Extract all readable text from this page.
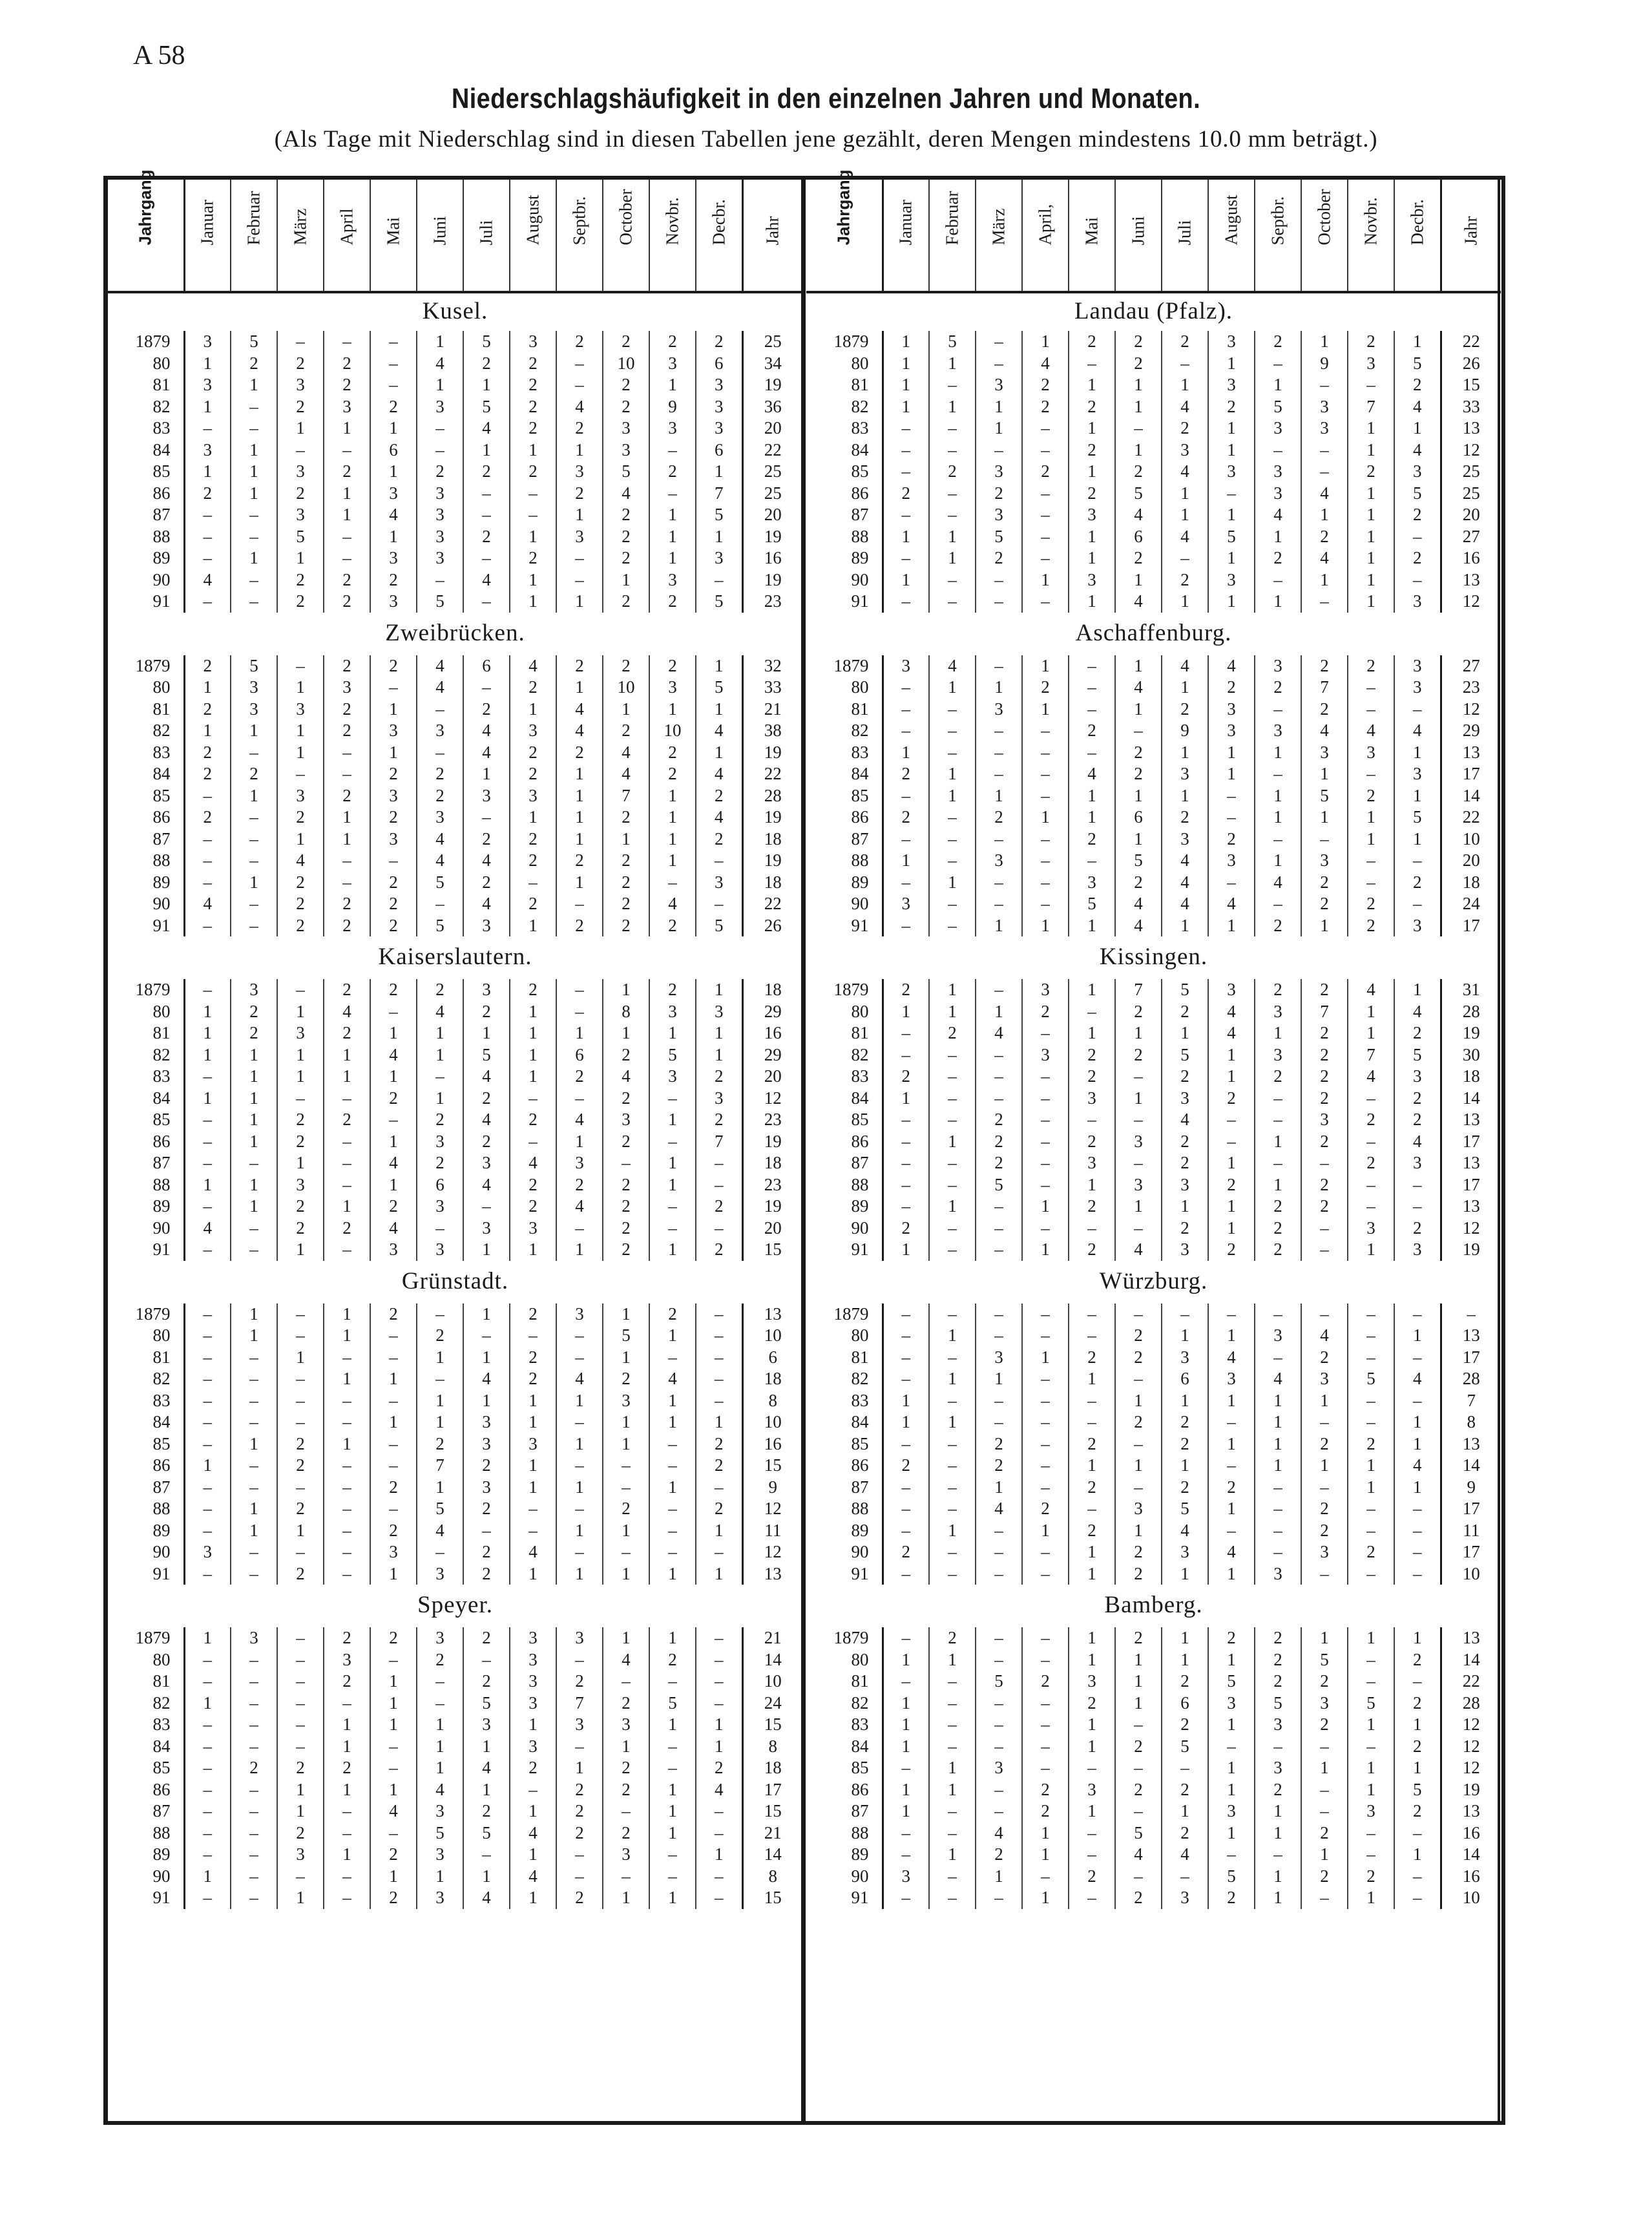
A 58
Niederschlagshäufigkeit in den einzelnen Jahren und Monaten.
(Als Tage mit Niederschlag sind in diesen Tabellen jene gezählt, deren Mengen mindestens 10.0 mm beträgt.)
Jahrgang	Januar	Februar	März	April	Mai	Juni	Juli	August	Septbr.	October	Novbr.	Decbr.	Jahr

Kusel.													
1879	3	5	–	–	–	1	5	3	2	2	2	2	25
80	1	2	2	2	–	4	2	2	–	10	3	6	34
81	3	1	3	2	–	1	1	2	–	2	1	3	19
82	1	–	2	3	2	3	5	2	4	2	9	3	36
83	–	–	1	1	1	–	4	2	2	3	3	3	20
84	3	1	–	–	6	–	1	1	1	3	–	6	22
85	1	1	3	2	1	2	2	2	3	5	2	1	25
86	2	1	2	1	3	3	–	–	2	4	–	7	25
87	–	–	3	1	4	3	–	–	1	2	1	5	20
88	–	–	5	–	1	3	2	1	3	2	1	1	19
89	–	1	1	–	3	3	–	2	–	2	1	3	16
90	4	–	2	2	2	–	4	1	–	1	3	–	19
91	–	–	2	2	3	5	–	1	1	2	2	5	23
Zweibrücken.													
1879	2	5	–	2	2	4	6	4	2	2	2	1	32
80	1	3	1	3	–	4	–	2	1	10	3	5	33
81	2	3	3	2	1	–	2	1	4	1	1	1	21
82	1	1	1	2	3	3	4	3	4	2	10	4	38
83	2	–	1	–	1	–	4	2	2	4	2	1	19
84	2	2	–	–	2	2	1	2	1	4	2	4	22
85	–	1	3	2	3	2	3	3	1	7	1	2	28
86	2	–	2	1	2	3	–	1	1	2	1	4	19
87	–	–	1	1	3	4	2	2	1	1	1	2	18
88	–	–	4	–	–	4	4	2	2	2	1	–	19
89	–	1	2	–	2	5	2	–	1	2	–	3	18
90	4	–	2	2	2	–	4	2	–	2	4	–	22
91	–	–	2	2	2	5	3	1	2	2	2	5	26
Kaiserslautern.													
1879	–	3	–	2	2	2	3	2	–	1	2	1	18
80	1	2	1	4	–	4	2	1	–	8	3	3	29
81	1	2	3	2	1	1	1	1	1	1	1	1	16
82	1	1	1	1	4	1	5	1	6	2	5	1	29
83	–	1	1	1	1	–	4	1	2	4	3	2	20
84	1	1	–	–	2	1	2	–	–	2	–	3	12
85	–	1	2	2	–	2	4	2	4	3	1	2	23
86	–	1	2	–	1	3	2	–	1	2	–	7	19
87	–	–	1	–	4	2	3	4	3	–	1	–	18
88	1	1	3	–	1	6	4	2	2	2	1	–	23
89	–	1	2	1	2	3	–	2	4	2	–	2	19
90	4	–	2	2	4	–	3	3	–	2	–	–	20
91	–	–	1	–	3	3	1	1	1	2	1	2	15
Grünstadt.													
1879	–	1	–	1	2	–	1	2	3	1	2	–	13
80	–	1	–	1	–	2	–	–	–	5	1	–	10
81	–	–	1	–	–	1	1	2	–	1	–	–	6
82	–	–	–	1	1	–	4	2	4	2	4	–	18
83	–	–	–	–	–	1	1	1	1	3	1	–	8
84	–	–	–	–	1	1	3	1	–	1	1	1	10
85	–	1	2	1	–	2	3	3	1	1	–	2	16
86	1	–	2	–	–	7	2	1	–	–	–	2	15
87	–	–	–	–	2	1	3	1	1	–	1	–	9
88	–	1	2	–	–	5	2	–	–	2	–	2	12
89	–	1	1	–	2	4	–	–	1	1	–	1	11
90	3	–	–	–	3	–	2	4	–	–	–	–	12
91	–	–	2	–	1	3	2	1	1	1	1	1	13
Speyer.													
1879	1	3	–	2	2	3	2	3	3	1	1	–	21
80	–	–	–	3	–	2	–	3	–	4	2	–	14
81	–	–	–	2	1	–	2	3	2	–	–	–	10
82	1	–	–	–	1	–	5	3	7	2	5	–	24
83	–	–	–	1	1	1	3	1	3	3	1	1	15
84	–	–	–	1	–	1	1	3	–	1	–	1	8
85	–	2	2	2	–	1	4	2	1	2	–	2	18
86	–	–	1	1	1	4	1	–	2	2	1	4	17
87	–	–	1	–	4	3	2	1	2	–	1	–	15
88	–	–	2	–	–	5	5	4	2	2	1	–	21
89	–	–	3	1	2	3	–	1	–	3	–	1	14
90	1	–	–	–	1	1	1	4	–	–	–	–	8
91	–	–	1	–	2	3	4	1	2	1	1	–	15
Jahrgang	Januar	Februar	März	April,	Mai	Juni	Juli	August	Septbr.	October	Novbr.	Decbr.	Jahr

Landau (Pfalz).													
1879	1	5	–	1	2	2	2	3	2	1	2	1	22
80	1	1	–	4	–	2	–	1	–	9	3	5	26
81	1	–	3	2	1	1	1	3	1	–	–	2	15
82	1	1	1	2	2	1	4	2	5	3	7	4	33
83	–	–	1	–	1	–	2	1	3	3	1	1	13
84	–	–	–	–	2	1	3	1	–	–	1	4	12
85	–	2	3	2	1	2	4	3	3	–	2	3	25
86	2	–	2	–	2	5	1	–	3	4	1	5	25
87	–	–	3	–	3	4	1	1	4	1	1	2	20
88	1	1	5	–	1	6	4	5	1	2	1	–	27
89	–	1	2	–	1	2	–	1	2	4	1	2	16
90	1	–	–	1	3	1	2	3	–	1	1	–	13
91	–	–	–	–	1	4	1	1	1	–	1	3	12
Aschaffenburg.													
1879	3	4	–	1	–	1	4	4	3	2	2	3	27
80	–	1	1	2	–	4	1	2	2	7	–	3	23
81	–	–	3	1	–	1	2	3	–	2	–	–	12
82	–	–	–	–	2	–	9	3	3	4	4	4	29
83	1	–	–	–	–	2	1	1	1	3	3	1	13
84	2	1	–	–	4	2	3	1	–	1	–	3	17
85	–	1	1	–	1	1	1	–	1	5	2	1	14
86	2	–	2	1	1	6	2	–	1	1	1	5	22
87	–	–	–	–	2	1	3	2	–	–	1	1	10
88	1	–	3	–	–	5	4	3	1	3	–	–	20
89	–	1	–	–	3	2	4	–	4	2	–	2	18
90	3	–	–	–	5	4	4	4	–	2	2	–	24
91	–	–	1	1	1	4	1	1	2	1	2	3	17
Kissingen.													
1879	2	1	–	3	1	7	5	3	2	2	4	1	31
80	1	1	1	2	–	2	2	4	3	7	1	4	28
81	–	2	4	–	1	1	1	4	1	2	1	2	19
82	–	–	–	3	2	2	5	1	3	2	7	5	30
83	2	–	–	–	2	–	2	1	2	2	4	3	18
84	1	–	–	–	3	1	3	2	–	2	–	2	14
85	–	–	2	–	–	–	4	–	–	3	2	2	13
86	–	1	2	–	2	3	2	–	1	2	–	4	17
87	–	–	2	–	3	–	2	1	–	–	2	3	13
88	–	–	5	–	1	3	3	2	1	2	–	–	17
89	–	1	–	1	2	1	1	1	2	2	–	–	13
90	2	–	–	–	–	–	2	1	2	–	3	2	12
91	1	–	–	1	2	4	3	2	2	–	1	3	19
Würzburg.													
1879	–	–	–	–	–	–	–	–	–	–	–	–	–
80	–	1	–	–	–	2	1	1	3	4	–	1	13
81	–	–	3	1	2	2	3	4	–	2	–	–	17
82	–	1	1	–	1	–	6	3	4	3	5	4	28
83	1	–	–	–	–	1	1	1	1	1	–	–	7
84	1	1	–	–	–	2	2	–	1	–	–	1	8
85	–	–	2	–	2	–	2	1	1	2	2	1	13
86	2	–	2	–	1	1	1	–	1	1	1	4	14
87	–	–	1	–	2	–	2	2	–	–	1	1	9
88	–	–	4	2	–	3	5	1	–	2	–	–	17
89	–	1	–	1	2	1	4	–	–	2	–	–	11
90	2	–	–	–	1	2	3	4	–	3	2	–	17
91	–	–	–	–	1	2	1	1	3	–	–	–	10
Bamberg.													
1879	–	2	–	–	1	2	1	2	2	1	1	1	13
80	1	1	–	–	1	1	1	1	2	5	–	2	14
81	–	–	5	2	3	1	2	5	2	2	–	–	22
82	1	–	–	–	2	1	6	3	5	3	5	2	28
83	1	–	–	–	1	–	2	1	3	2	1	1	12
84	1	–	–	–	1	2	5	–	–	–	–	2	12
85	–	1	3	–	–	–	–	1	3	1	1	1	12
86	1	1	–	2	3	2	2	1	2	–	1	5	19
87	1	–	–	2	1	–	1	3	1	–	3	2	13
88	–	–	4	1	–	5	2	1	1	2	–	–	16
89	–	1	2	1	–	4	4	–	–	1	–	1	14
90	3	–	1	–	2	–	–	5	1	2	2	–	16
91	–	–	–	1	–	2	3	2	1	–	1	–	10
